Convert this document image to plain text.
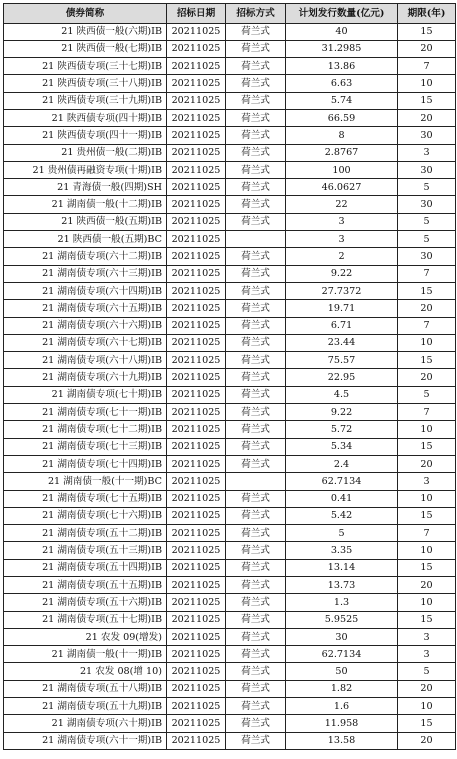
债券简称	招标日期	招标方式	计划发行数量(亿元)	期限(年)
21 陕西债一般(六期)IB	20211025	荷兰式	40	15
21 陕西债一般(七期)IB	20211025	荷兰式	31.2985	20
21 陕西债专项(三十七期)IB	20211025	荷兰式	13.86	7
21 陕西债专项(三十八期)IB	20211025	荷兰式	6.63	10
21 陕西债专项(三十九期)IB	20211025	荷兰式	5.74	15
21 陕西债专项(四十期)IB	20211025	荷兰式	66.59	20
21 陕西债专项(四十一期)IB	20211025	荷兰式	8	30
21 贵州债一般(二期)IB	20211025	荷兰式	2.8767	3
21 贵州债再融资专项(十期)IB	20211025	荷兰式	100	30
21 青海债一般(四期)SH	20211025	荷兰式	46.0627	5
21 湖南债一般(十二期)IB	20211025	荷兰式	22	30
21 陕西债一般(五期)IB	20211025	荷兰式	3	5
21 陕西债一般(五期)BC	20211025		3	5
21 湖南债专项(六十二期)IB	20211025	荷兰式	2	30
21 湖南债专项(六十三期)IB	20211025	荷兰式	9.22	7
21 湖南债专项(六十四期)IB	20211025	荷兰式	27.7372	15
21 湖南债专项(六十五期)IB	20211025	荷兰式	19.71	20
21 湖南债专项(六十六期)IB	20211025	荷兰式	6.71	7
21 湖南债专项(六十七期)IB	20211025	荷兰式	23.44	10
21 湖南债专项(六十八期)IB	20211025	荷兰式	75.57	15
21 湖南债专项(六十九期)IB	20211025	荷兰式	22.95	20
21 湖南债专项(七十期)IB	20211025	荷兰式	4.5	5
21 湖南债专项(七十一期)IB	20211025	荷兰式	9.22	7
21 湖南债专项(七十二期)IB	20211025	荷兰式	5.72	10
21 湖南债专项(七十三期)IB	20211025	荷兰式	5.34	15
21 湖南债专项(七十四期)IB	20211025	荷兰式	2.4	20
21 湖南债一般(十一期)BC	20211025		62.7134	3
21 湖南债专项(七十五期)IB	20211025	荷兰式	0.41	10
21 湖南债专项(七十六期)IB	20211025	荷兰式	5.42	15
21 湖南债专项(五十二期)IB	20211025	荷兰式	5	7
21 湖南债专项(五十三期)IB	20211025	荷兰式	3.35	10
21 湖南债专项(五十四期)IB	20211025	荷兰式	13.14	15
21 湖南债专项(五十五期)IB	20211025	荷兰式	13.73	20
21 湖南债专项(五十六期)IB	20211025	荷兰式	1.3	10
21 湖南债专项(五十七期)IB	20211025	荷兰式	5.9525	15
21 农发 09(增发)	20211025	荷兰式	30	3
21 湖南债一般(十一期)IB	20211025	荷兰式	62.7134	3
21 农发 08(增 10)	20211025	荷兰式	50	5
21 湖南债专项(五十八期)IB	20211025	荷兰式	1.82	20
21 湖南债专项(五十九期)IB	20211025	荷兰式	1.6	10
21 湖南债专项(六十期)IB	20211025	荷兰式	11.958	15
21 湖南债专项(六十一期)IB	20211025	荷兰式	13.58	20
